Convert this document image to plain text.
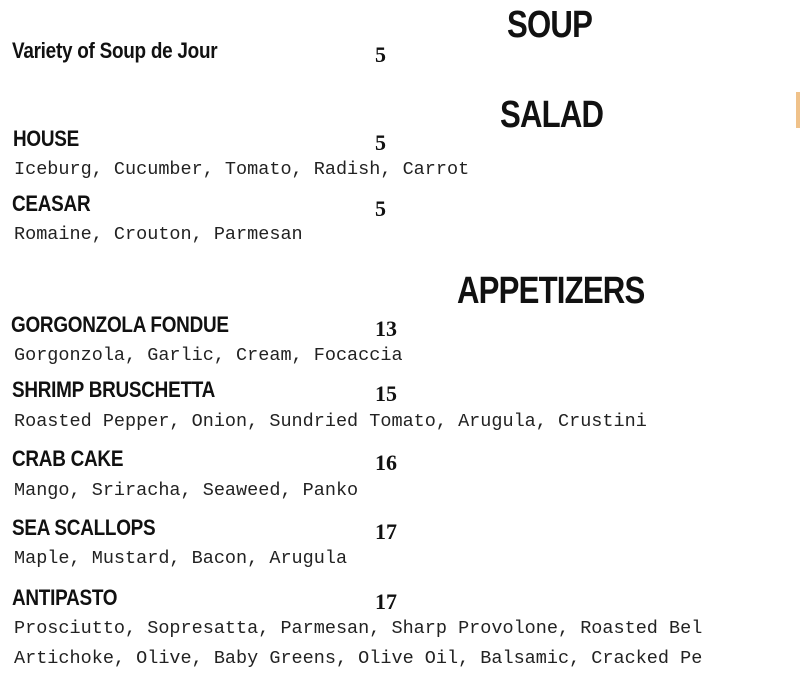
SOUP
Variety of Soup de Jour	5
SALAD
HOUSE	5
Iceburg, Cucumber, Tomato, Radish, Carrot
CEASAR	5
Romaine, Crouton, Parmesan
APPETIZERS
GORGONZOLA FONDUE	13
Gorgonzola, Garlic, Cream, Focaccia
SHRIMP BRUSCHETTA	15
Roasted Pepper, Onion, Sundried Tomato, Arugula, Crustini
CRAB CAKE	16
Mango, Sriracha, Seaweed, Panko
SEA SCALLOPS	17
Maple, Mustard, Bacon, Arugula
ANTIPASTO	17
Prosciutto, Sopresatta, Parmesan, Sharp Provolone, Roasted Bel
Artichoke, Olive, Baby Greens, Olive Oil, Balsamic, Cracked Pe
